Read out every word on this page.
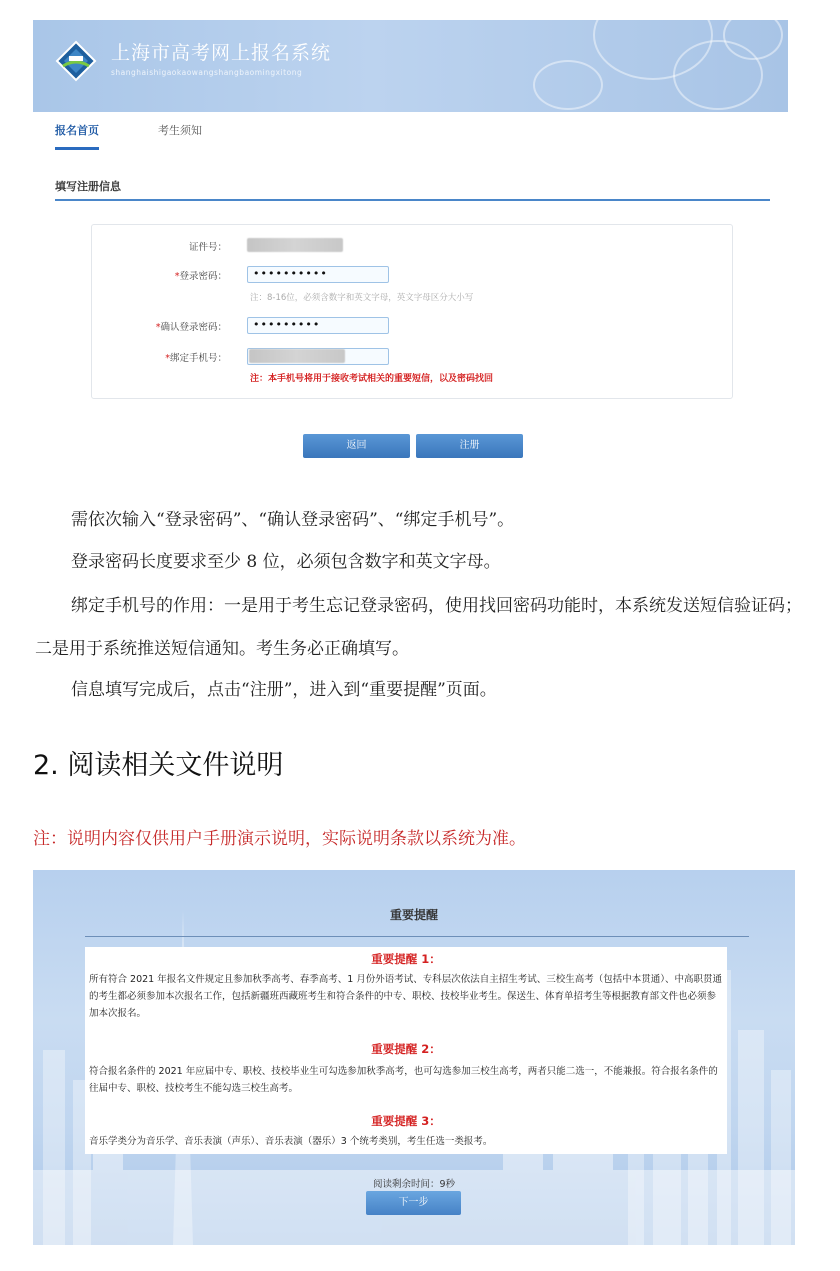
上海市高考网上报名系统
shanghaishigaokaowangshangbaomingxitong
报名首页	考生须知
填写注册信息
证件号：
*登录密码：	••••••••••
注：8-16位，必须含数字和英文字母，英文字母区分大小写
*确认登录密码：	•••••••••
*绑定手机号：
注：本手机号将用于接收考试相关的重要短信，以及密码找回
返回	注册
需依次输入“登录密码”、“确认登录密码”、“绑定手机号”。
登录密码长度要求至少 8 位，必须包含数字和英文字母。
绑定手机号的作用：一是用于考生忘记登录密码，使用找回密码功能时，本系统发送短信验证码；二是用于系统推送短信通知。考生务必正确填写。
信息填写完成后，点击“注册”，进入到“重要提醒”页面。
2. 阅读相关文件说明
注：说明内容仅供用户手册演示说明，实际说明条款以系统为准。
重要提醒
重要提醒 1：
所有符合 2021 年报名文件规定且参加秋季高考、春季高考、1 月份外语考试、专科层次依法自主招生考试、三校生高考（包括中本贯通）、中高职贯通的考生都必须参加本次报名工作，包括新疆班西藏班考生和符合条件的中专、职校、技校毕业考生。保送生、体育单招考生等根据教育部文件也必须参加本次报名。
重要提醒 2：
符合报名条件的 2021 年应届中专、职校、技校毕业生可勾选参加秋季高考，也可勾选参加三校生高考，两者只能二选一，不能兼报。符合报名条件的往届中专、职校、技校考生不能勾选三校生高考。
重要提醒 3：
音乐学类分为音乐学、音乐表演（声乐）、音乐表演（器乐）3 个统考类别，考生任选一类报考。
阅读剩余时间：9秒
下一步
